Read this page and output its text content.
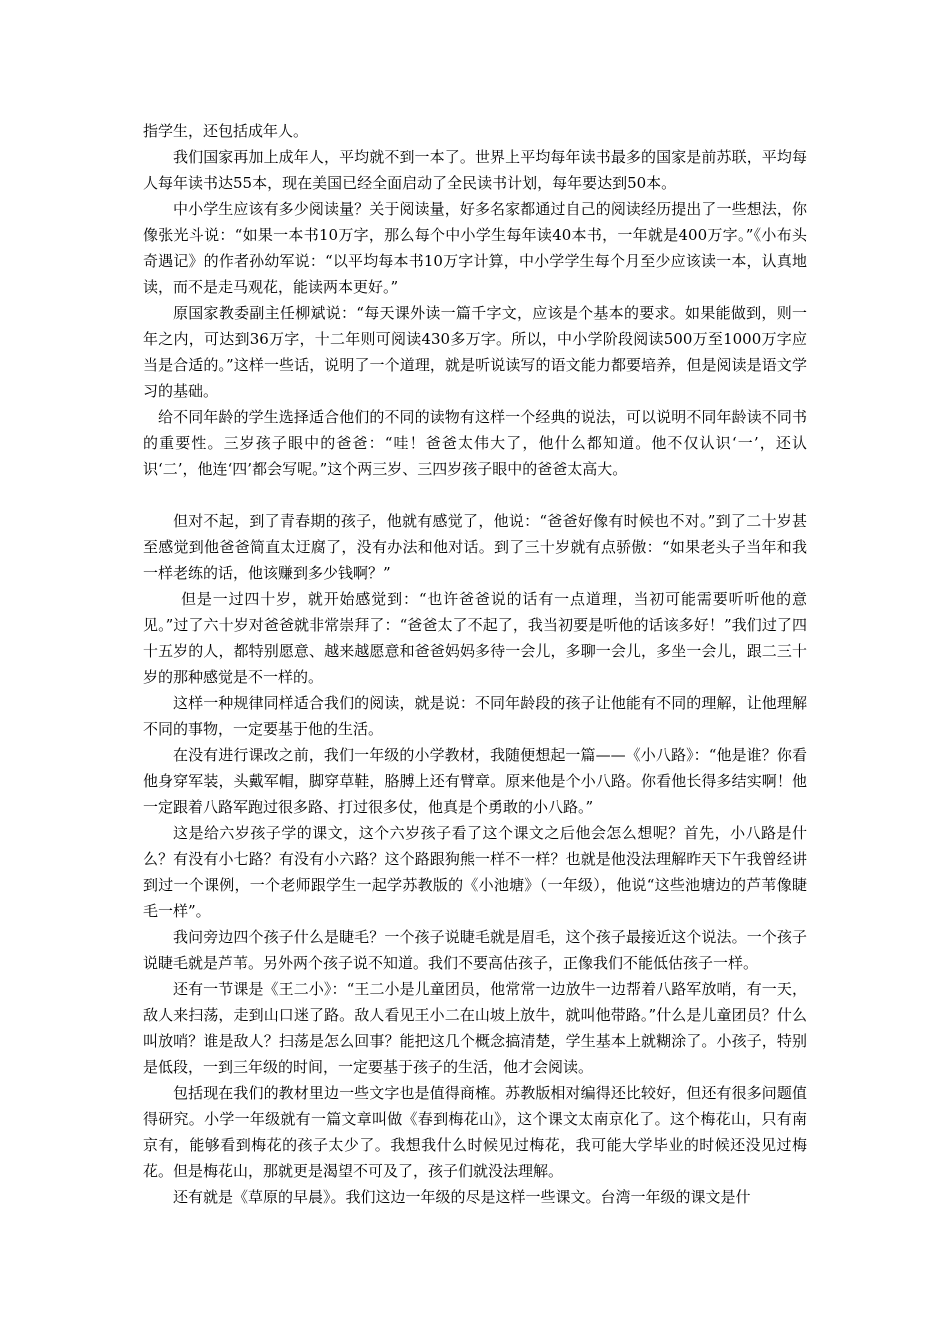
指学生，还包括成年人。

我们国家再加上成年人，平均就不到一本了。世界上平均每年读书最多的国家是前苏联，平均每人每年读书达55本，现在美国已经全面启动了全民读书计划，每年要达到50本。

中小学生应该有多少阅读量？关于阅读量，好多名家都通过自己的阅读经历提出了一些想法，你像张光斗说：“如果一本书10万字，那么每个中小学生每年读40本书，一年就是400万字。”《小布头奇遇记》的作者孙幼军说：“以平均每本书10万字计算，中小学学生每个月至少应该读一本，认真地读，而不是走马观花，能读两本更好。”

原国家教委副主任柳斌说：“每天课外读一篇千字文，应该是个基本的要求。如果能做到，则一年之内，可达到36万字，十二年则可阅读430多万字。所以，中小学阶段阅读500万至1000万字应当是合适的。”这样一些话，说明了一个道理，就是听说读写的语文能力都要培养，但是阅读是语文学习的基础。

给不同年龄的学生选择适合他们的不同的读物有这样一个经典的说法，可以说明不同年龄读不同书的重要性。三岁孩子眼中的爸爸：“哇！爸爸太伟大了，他什么都知道。他不仅认识‘一’，还认识‘二’，他连‘四’都会写呢。”这个两三岁、三四岁孩子眼中的爸爸太高大。

但对不起，到了青春期的孩子，他就有感觉了，他说：“爸爸好像有时候也不对。”到了二十岁甚至感觉到他爸爸简直太迂腐了，没有办法和他对话。到了三十岁就有点骄傲：“如果老头子当年和我一样老练的话，他该赚到多少钱啊？”

但是一过四十岁，就开始感觉到：“也许爸爸说的话有一点道理，当初可能需要听听他的意见。”过了六十岁对爸爸就非常崇拜了：“爸爸太了不起了，我当初要是听他的话该多好！”我们过了四十五岁的人，都特别愿意、越来越愿意和爸爸妈妈多待一会儿，多聊一会儿，多坐一会儿，跟二三十岁的那种感觉是不一样的。

这样一种规律同样适合我们的阅读，就是说：不同年龄段的孩子让他能有不同的理解，让他理解不同的事物，一定要基于他的生活。

在没有进行课改之前，我们一年级的小学教材，我随便想起一篇——《小八路》：“他是谁？你看他身穿军装，头戴军帽，脚穿草鞋，胳膊上还有臂章。原来他是个小八路。你看他长得多结实啊！他一定跟着八路军跑过很多路、打过很多仗，他真是个勇敢的小八路。”

这是给六岁孩子学的课文，这个六岁孩子看了这个课文之后他会怎么想呢？首先，小八路是什么？有没有小七路？有没有小六路？这个路跟狗熊一样不一样？也就是他没法理解昨天下午我曾经讲到过一个课例，一个老师跟学生一起学苏教版的《小池塘》（一年级），他说“这些池塘边的芦苇像睫毛一样”。

我问旁边四个孩子什么是睫毛？一个孩子说睫毛就是眉毛，这个孩子最接近这个说法。一个孩子说睫毛就是芦苇。另外两个孩子说不知道。我们不要高估孩子，正像我们不能低估孩子一样。

还有一节课是《王二小》：“王二小是儿童团员，他常常一边放牛一边帮着八路军放哨，有一天，敌人来扫荡，走到山口迷了路。敌人看见王小二在山坡上放牛，就叫他带路。”什么是儿童团员？什么叫放哨？谁是敌人？扫荡是怎么回事？能把这几个概念搞清楚，学生基本上就糊涂了。小孩子，特别是低段，一到三年级的时间，一定要基于孩子的生活，他才会阅读。

包括现在我们的教材里边一些文字也是值得商榷。苏教版相对编得还比较好，但还有很多问题值得研究。小学一年级就有一篇文章叫做《春到梅花山》，这个课文太南京化了。这个梅花山，只有南京有，能够看到梅花的孩子太少了。我想我什么时候见过梅花，我可能大学毕业的时候还没见过梅花。但是梅花山，那就更是渴望不可及了，孩子们就没法理解。

还有就是《草原的早晨》。我们这边一年级的尽是这样一些课文。台湾一年级的课文是什
